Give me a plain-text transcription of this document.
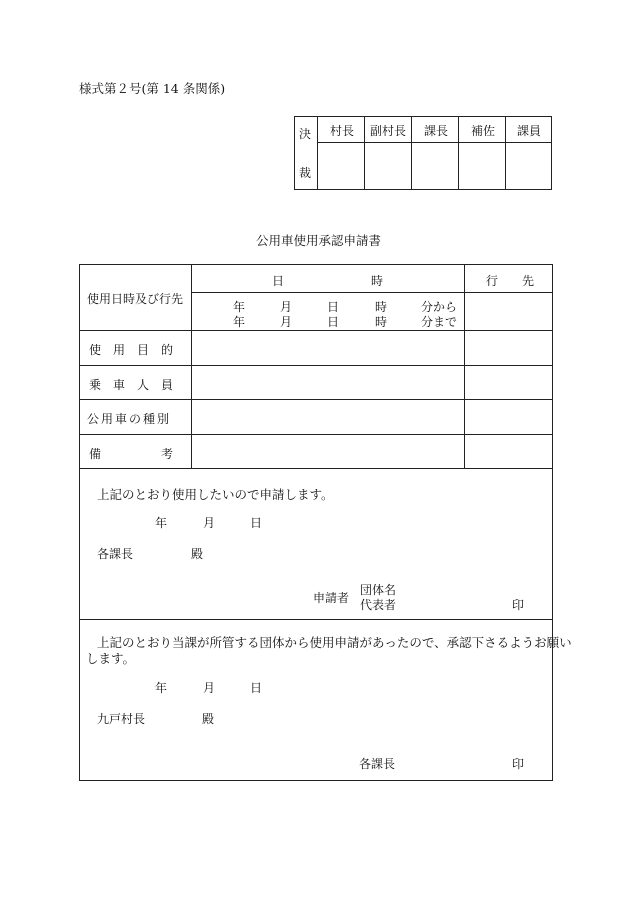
様式第２号(第 14 条関係)
決
裁
村長 副村長 課長 補佐 課員
公用車使用承認申請書
使用日時及び行先
日	時	行　　先
年	月	日	時	分から
年	月	日	時	分まで
使　用　目　的
乗　車　人　員
公用車の種別
備　　　　　考
上記のとおり使用したいので申請します。
年	月	日
各課長	殿
申請者
団体名
代表者	印
上記のとおり当課が所管する団体から使用申請があったので、承認下さるようお願い
します。
年	月	日
九戸村長	殿
各課長	印
